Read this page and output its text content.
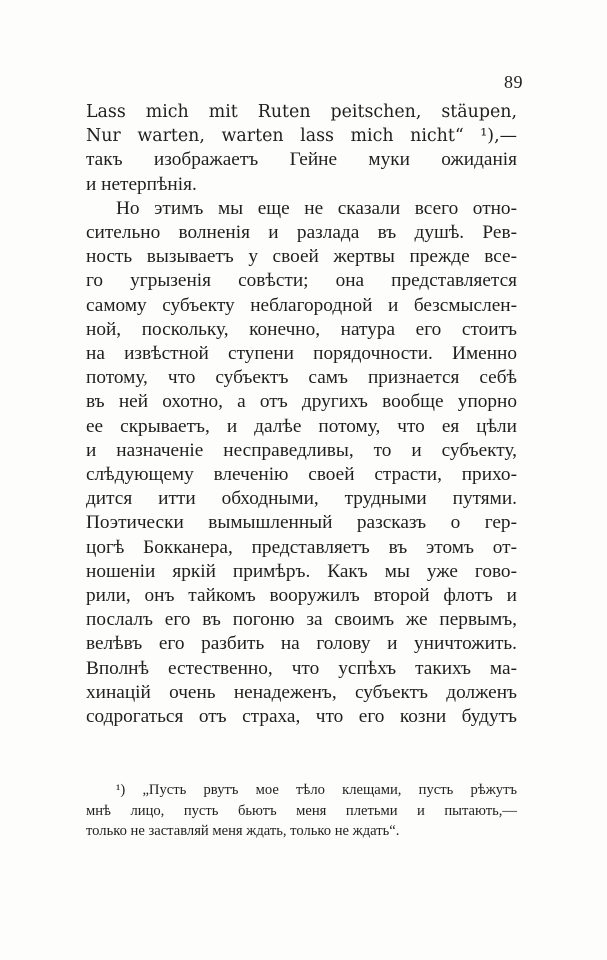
89
Lass mich mit Ruten peitschen, stäupen,
Nur warten, warten lass mich nicht“ ¹),—
такъ изображаетъ Гейне муки ожиданія
и нетерпѣнія.
Но этимъ мы еще не сказали всего отно-
сительно волненія и разлада въ душѣ. Рев-
ность вызываетъ у своей жертвы прежде все-
го угрызенія совѣсти; она представляется
самому субъекту неблагородной и безсмыслен-
ной, поскольку, конечно, натура его стоитъ
на извѣстной ступени порядочности. Именно
потому, что субъектъ самъ признается себѣ
въ ней охотно, а отъ другихъ вообще упорно
ее скрываетъ, и далѣе потому, что ея цѣли
и назначеніе несправедливы, то и субъекту,
слѣдующему влеченію своей страсти, прихо-
дится итти обходными, трудными путями.
Поэтически вымышленный разсказъ о гер-
цогѣ Бокканера, представляетъ въ этомъ от-
ношеніи яркій примѣръ. Какъ мы уже гово-
рили, онъ тайкомъ вооружилъ второй флотъ и
послалъ его въ погоню за своимъ же первымъ,
велѣвъ его разбить на голову и уничтожить.
Вполнѣ естественно, что успѣхъ такихъ ма-
хинацій очень ненадеженъ, субъектъ долженъ
содрогаться отъ страха, что его козни будутъ
¹) „Пусть рвутъ мое тѣло клещами, пусть рѣжутъ
мнѣ лицо, пусть бьютъ меня плетьми и пытають,—
только не заставляй меня ждать, только не ждать“.
